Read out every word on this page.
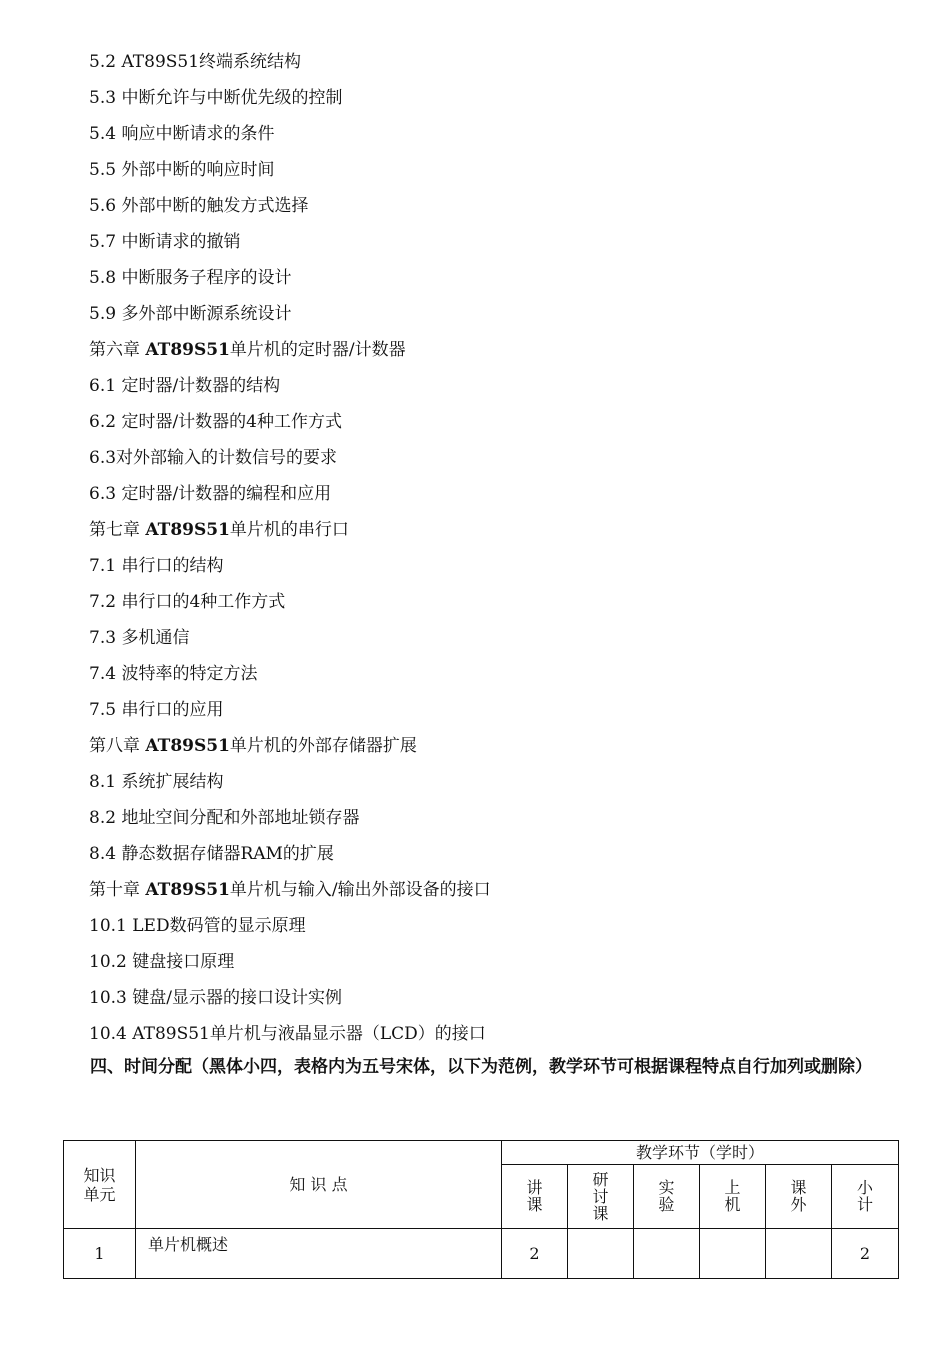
5.2 AT89S51终端系统结构
5.3 中断允许与中断优先级的控制
5.4 响应中断请求的条件
5.5 外部中断的响应时间
5.6 外部中断的触发方式选择
5.7 中断请求的撤销
5.8 中断服务子程序的设计
5.9 多外部中断源系统设计
第六章 AT89S51单片机的定时器/计数器
6.1 定时器/计数器的结构
6.2 定时器/计数器的4种工作方式
6.3对外部输入的计数信号的要求
6.3 定时器/计数器的编程和应用
第七章 AT89S51单片机的串行口
7.1 串行口的结构
7.2 串行口的4种工作方式
7.3 多机通信
7.4 波特率的特定方法
7.5 串行口的应用
第八章 AT89S51单片机的外部存储器扩展
8.1 系统扩展结构
8.2 地址空间分配和外部地址锁存器
8.4 静态数据存储器RAM的扩展
第十章 AT89S51单片机与输入/输出外部设备的接口
10.1 LED数码管的显示原理
10.2 键盘接口原理
10.3 键盘/显示器的接口设计实例
10.4 AT89S51单片机与液晶显示器（LCD）的接口
四、时间分配（黑体小四，表格内为五号宋体，以下为范例，教学环节可根据课程特点自行加列或删除）
知识单元	知 识 点	教学环节（学时）					
		讲课	研讨课	实验	上机	课外	小计
1	单片机概述	2					2
